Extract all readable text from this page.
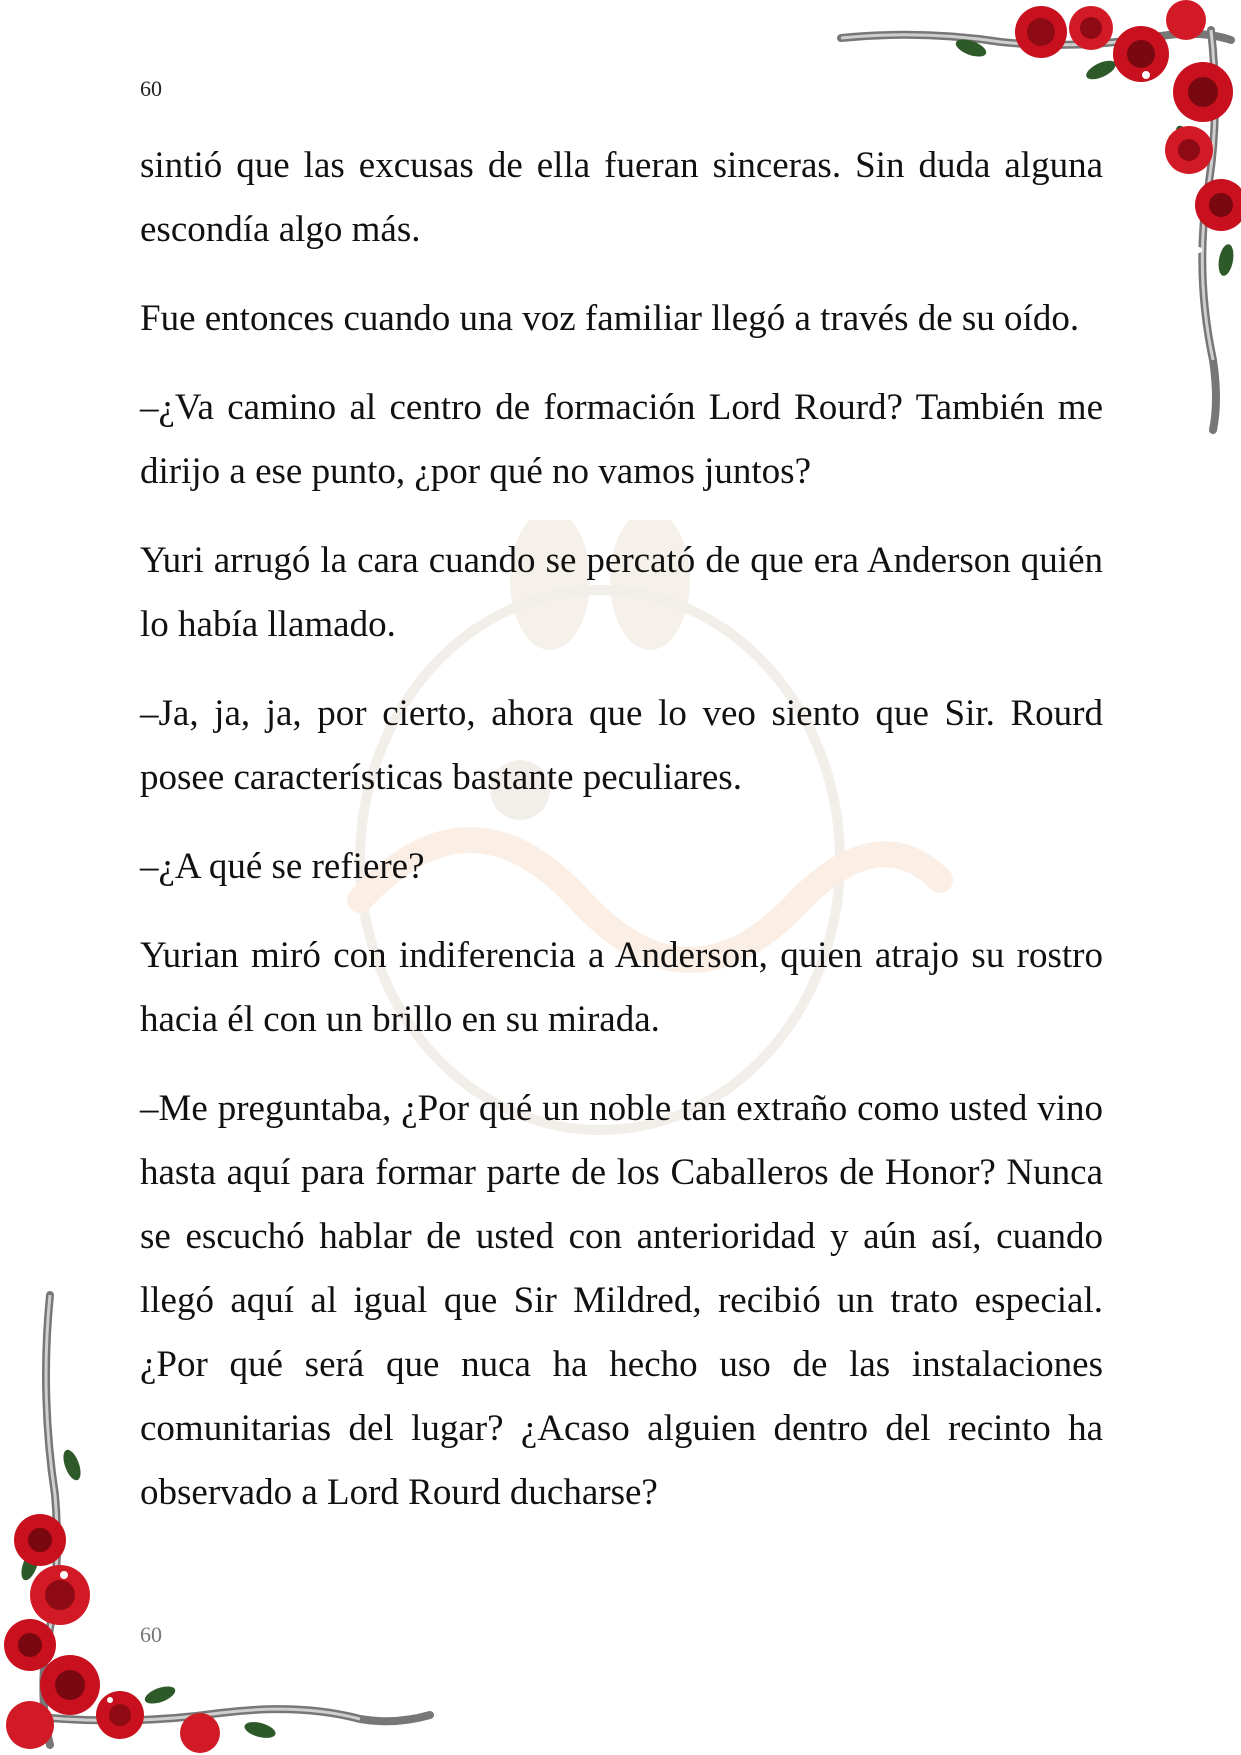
60

sintió que las excusas de ella fueran sinceras. Sin duda alguna escondía algo más.

Fue entonces cuando una voz familiar llegó a través de su oído.

–¿Va camino al centro de formación Lord Rourd? También me dirijo a ese punto, ¿por qué no vamos juntos?

Yuri arrugó la cara cuando se percató de que era Anderson quién lo había llamado.

–Ja, ja, ja, por cierto, ahora que lo veo siento que Sir. Rourd posee características bastante peculiares.

–¿A qué se refiere?

Yurian miró con indiferencia a Anderson, quien atrajo su rostro hacia él con un brillo en su mirada.

–Me preguntaba, ¿Por qué un noble tan extraño como usted vino hasta aquí para formar parte de los Caballeros de Honor? Nunca se escuchó hablar de usted con anterioridad y aún así, cuando llegó aquí al igual que Sir Mildred, recibió un trato especial. ¿Por qué será que nuca ha hecho uso de las instalaciones comunitarias del lugar? ¿Acaso alguien dentro del recinto ha observado a Lord Rourd ducharse?

60
